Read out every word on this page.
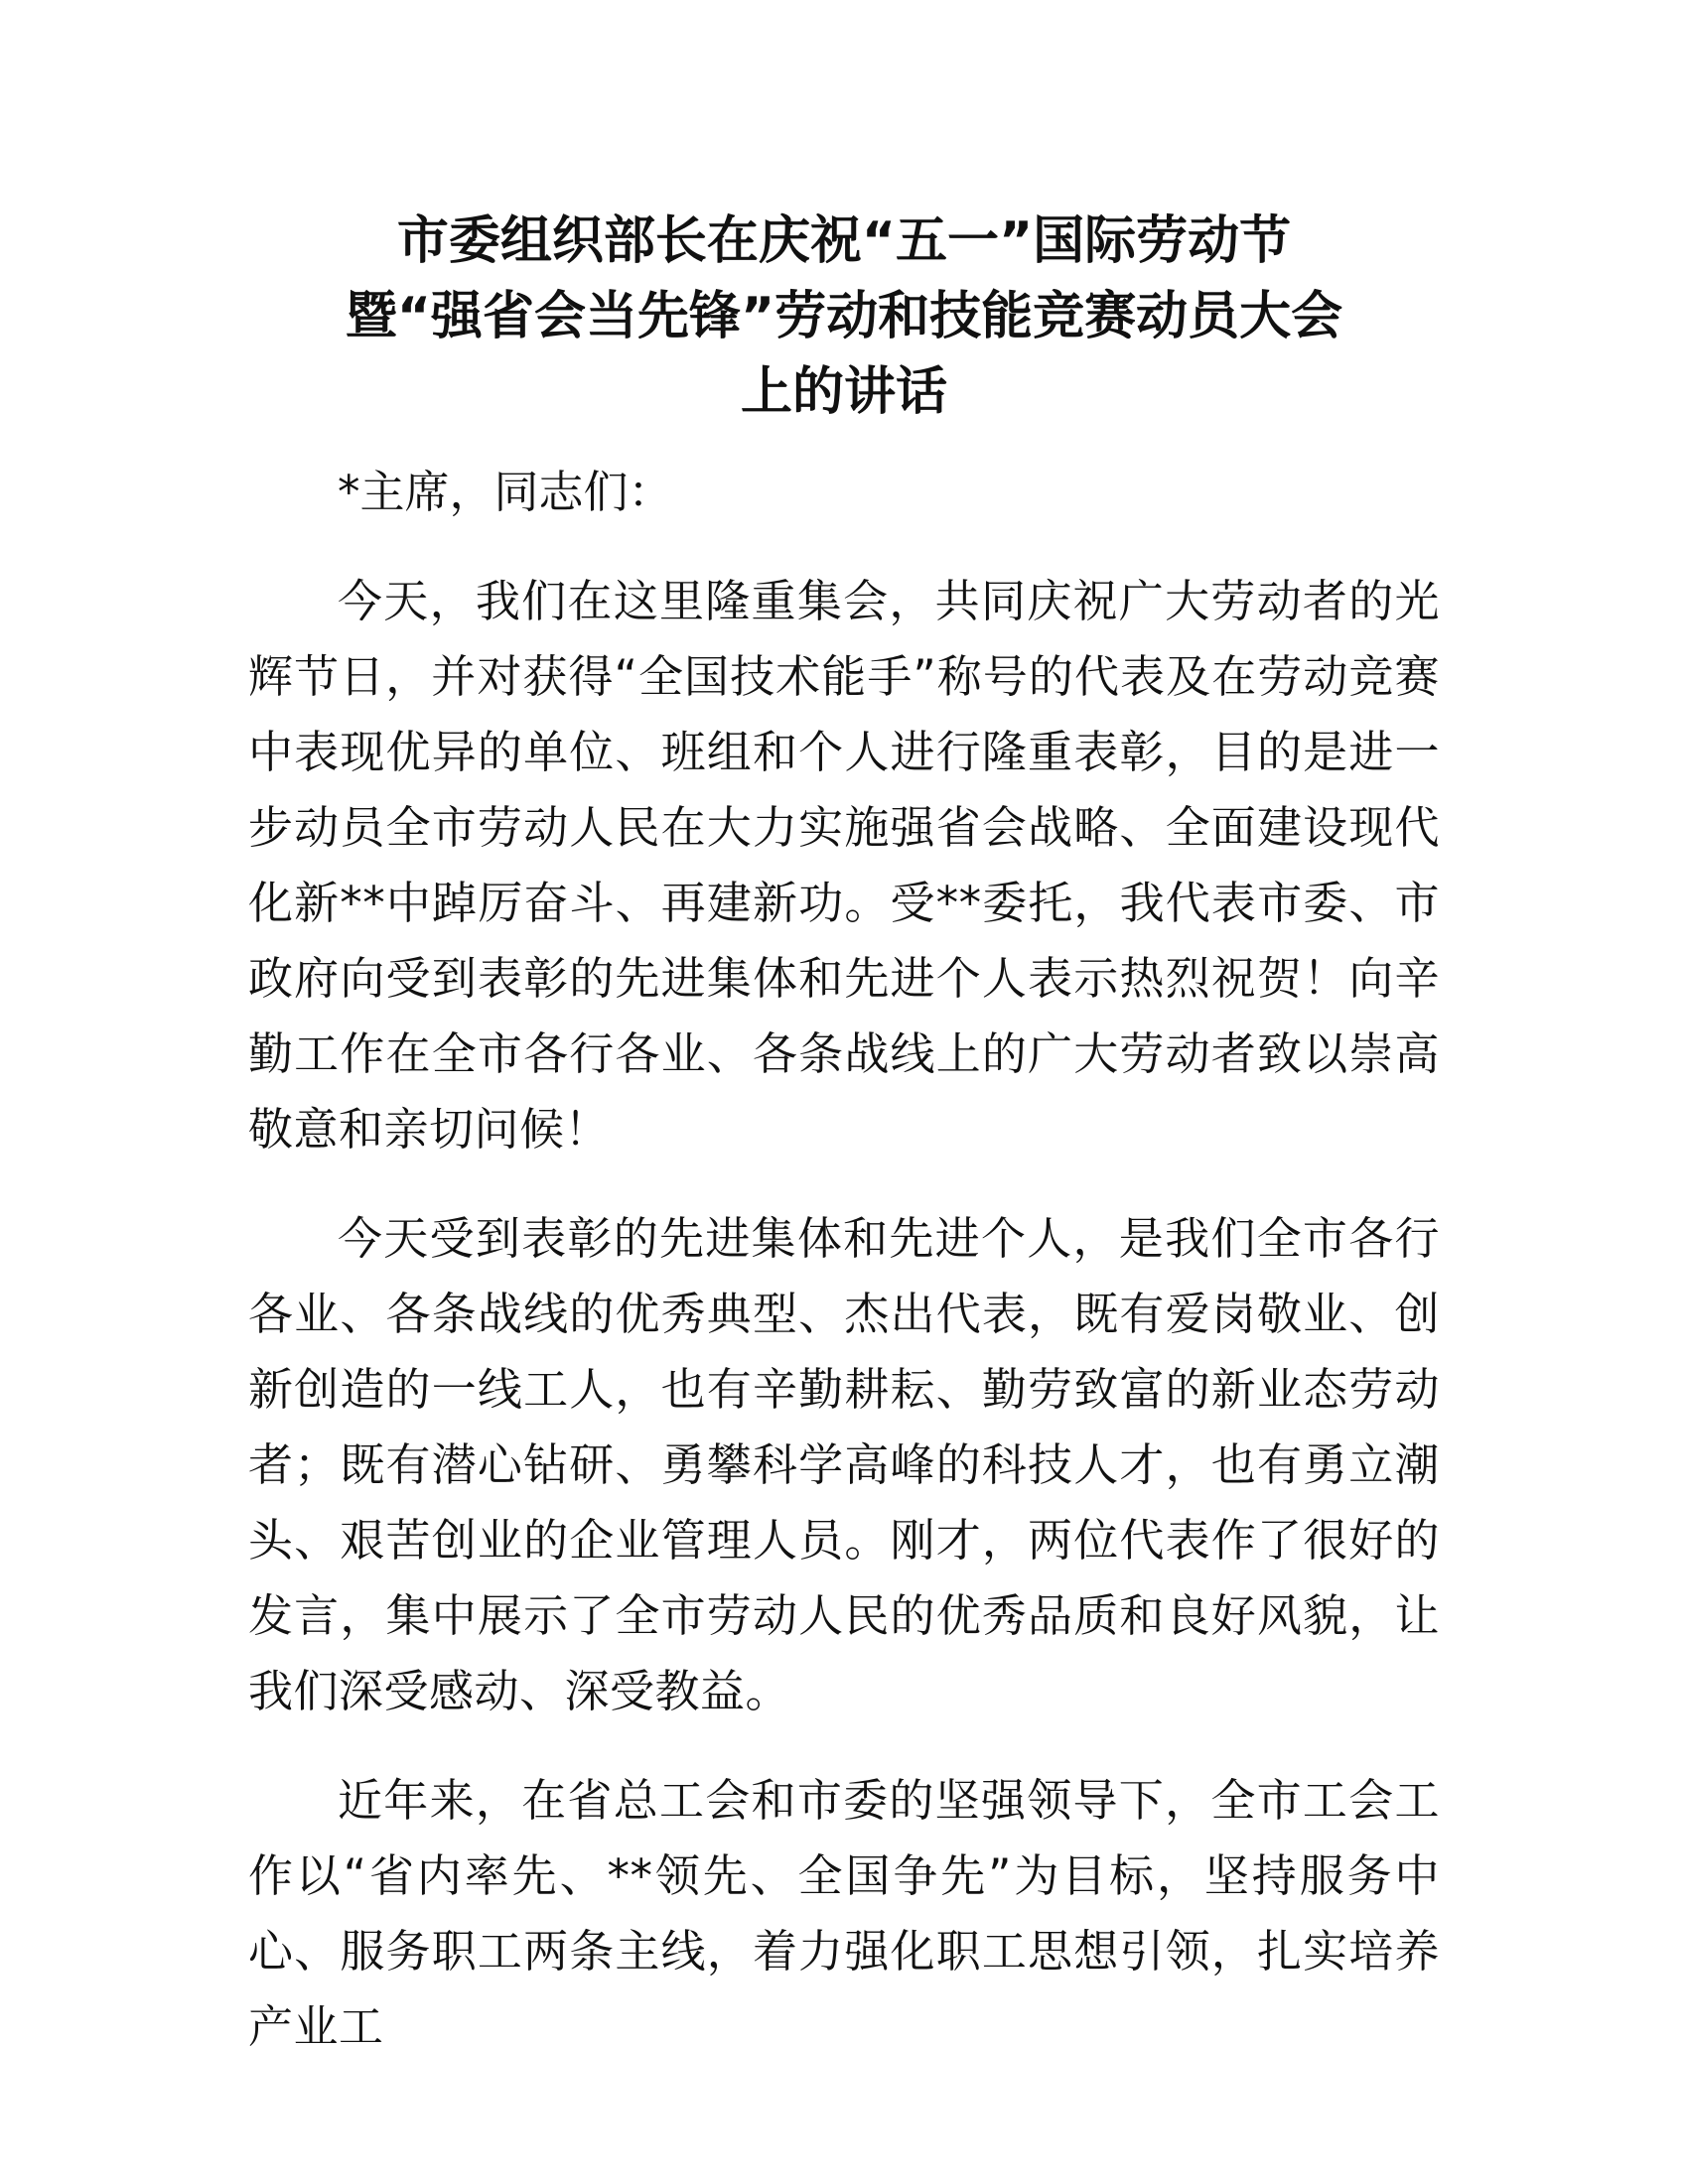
市委组织部长在庆祝“五一”国际劳动节
暨“强省会当先锋”劳动和技能竞赛动员大会
上的讲话

*主席，同志们：

今天，我们在这里隆重集会，共同庆祝广大劳动者的光辉节日，并对获得“全国技术能手”称号的代表及在劳动竞赛中表现优异的单位、班组和个人进行隆重表彰，目的是进一步动员全市劳动人民在大力实施强省会战略、全面建设现代化新**中踔厉奋斗、再建新功。受**委托，我代表市委、市政府向受到表彰的先进集体和先进个人表示热烈祝贺！向辛勤工作在全市各行各业、各条战线上的广大劳动者致以崇高敬意和亲切问候！

今天受到表彰的先进集体和先进个人，是我们全市各行各业、各条战线的优秀典型、杰出代表，既有爱岗敬业、创新创造的一线工人，也有辛勤耕耘、勤劳致富的新业态劳动者；既有潜心钻研、勇攀科学高峰的科技人才，也有勇立潮头、艰苦创业的企业管理人员。刚才，两位代表作了很好的发言，集中展示了全市劳动人民的优秀品质和良好风貌，让我们深受感动、深受教益。

近年来，在省总工会和市委的坚强领导下，全市工会工作以“省内率先、**领先、全国争先”为目标，坚持服务中心、服务职工两条主线，着力强化职工思想引领，扎实培养产业工
